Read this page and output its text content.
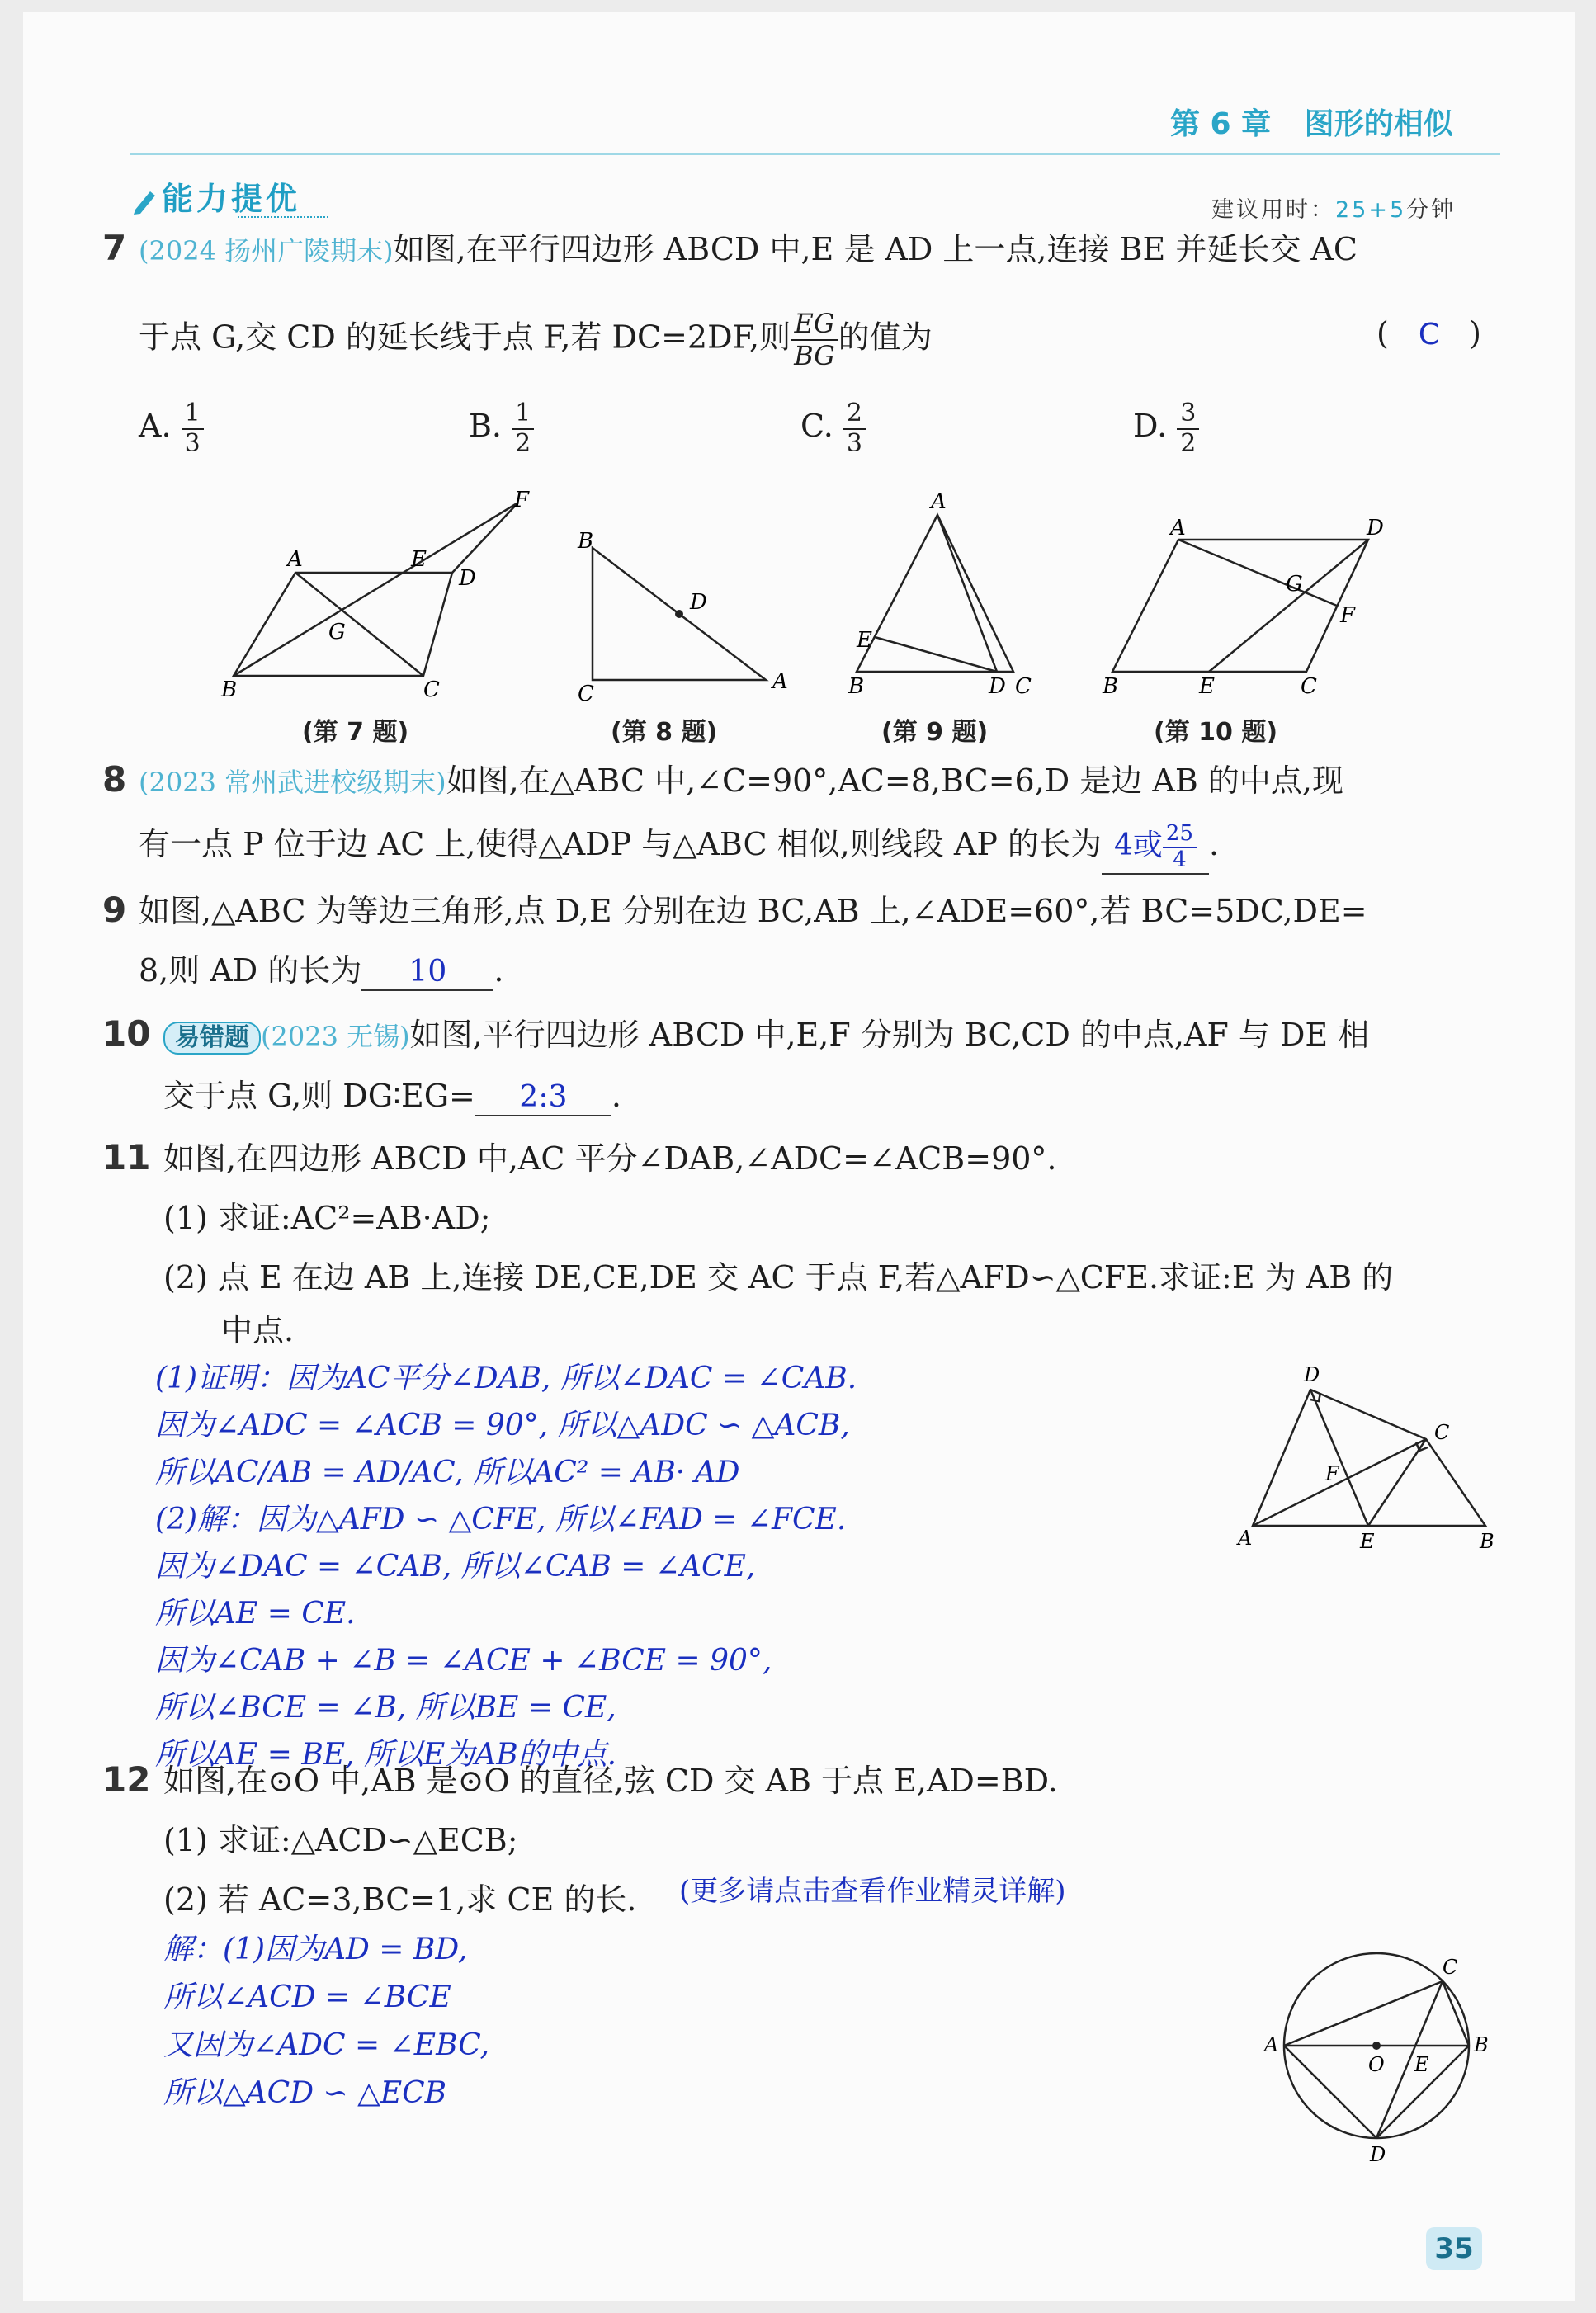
第 6 章 图形的相似
能力提优	建议用时：25+5分钟
7 (2024 扬州广陵期末)如图,在平行四边形 ABCD 中,E 是 AD 上一点,连接 BE 并延长交 AC
于点 G,交 CD 的延长线于点 F,若 DC=2DF,则 $\frac{EG}{BG}$ 的值为	( C )
A. $\frac{1}{3}$	B. $\frac{1}{2}$	C. $\frac{2}{3}$	D. $\frac{3}{2}$
A	E
D
F
G
B	C
B
D
C	A
A
E
B	D C
A	D
G
F
B	E	C
(第 7 题)	(第 8 题)	(第 9 题)	(第 10 题)
8 (2023 常州武进校级期末)如图,在△ABC 中,∠C=90°,AC=8,BC=6,D 是边 AB 的中点,现
有一点 P 位于边 AC 上,使得△ADP 与△ABC 相似,则线段 AP 的长为 4或 $\frac{25}{4}$ .
9 如图,△ABC 为等边三角形,点 D,E 分别在边 BC,AB 上,∠ADE=60°,若 BC=5DC,DE=
8,则 AD 的长为 10 .
10 易错题 (2023 无锡)如图,平行四边形 ABCD 中,E,F 分别为 BC,CD 的中点,AF 与 DE 相
交于点 G,则 DG∶EG= 2:3 .
11 如图,在四边形 ABCD 中,AC 平分∠DAB,∠ADC=∠ACB=90°.
(1) 求证:AC²=AB·AD;
(2) 点 E 在边 AB 上,连接 DE,CE,DE 交 AC 于点 F,若△AFD∽△CFE.求证:E 为 AB 的
中点.
(1)证明：因为AC平分∠DAB, 所以∠DAC = ∠CAB.
因为∠ADC = ∠ACB = 90°, 所以△ADC ∽ △ACB,
所以AC/AB = AD/AC, 所以AC² = AB· AD
(2)解：因为△AFD ∽ △CFE, 所以∠FAD = ∠FCE.
因为∠DAC = ∠CAB, 所以∠CAB = ∠ACE,
所以AE = CE.
因为∠CAB + ∠B = ∠ACE + ∠BCE = 90°,
所以∠BCE = ∠B, 所以BE = CE,
所以AE = BE, 所以E为AB的中点.
D
C
F
A	E	B
12 如图,在⊙O 中,AB 是⊙O 的直径,弦 CD 交 AB 于点 E,AD=BD.
(1) 求证:△ACD∽△ECB;
(2) 若 AC=3,BC=1,求 CE 的长. (更多请点击查看作业精灵详解)
解：(1)因为AD = BD,
所以∠ACD = ∠BCE
又因为∠ADC = ∠EBC,
所以△ACD ∽ △ECB
C
A
O E
B
D
35
